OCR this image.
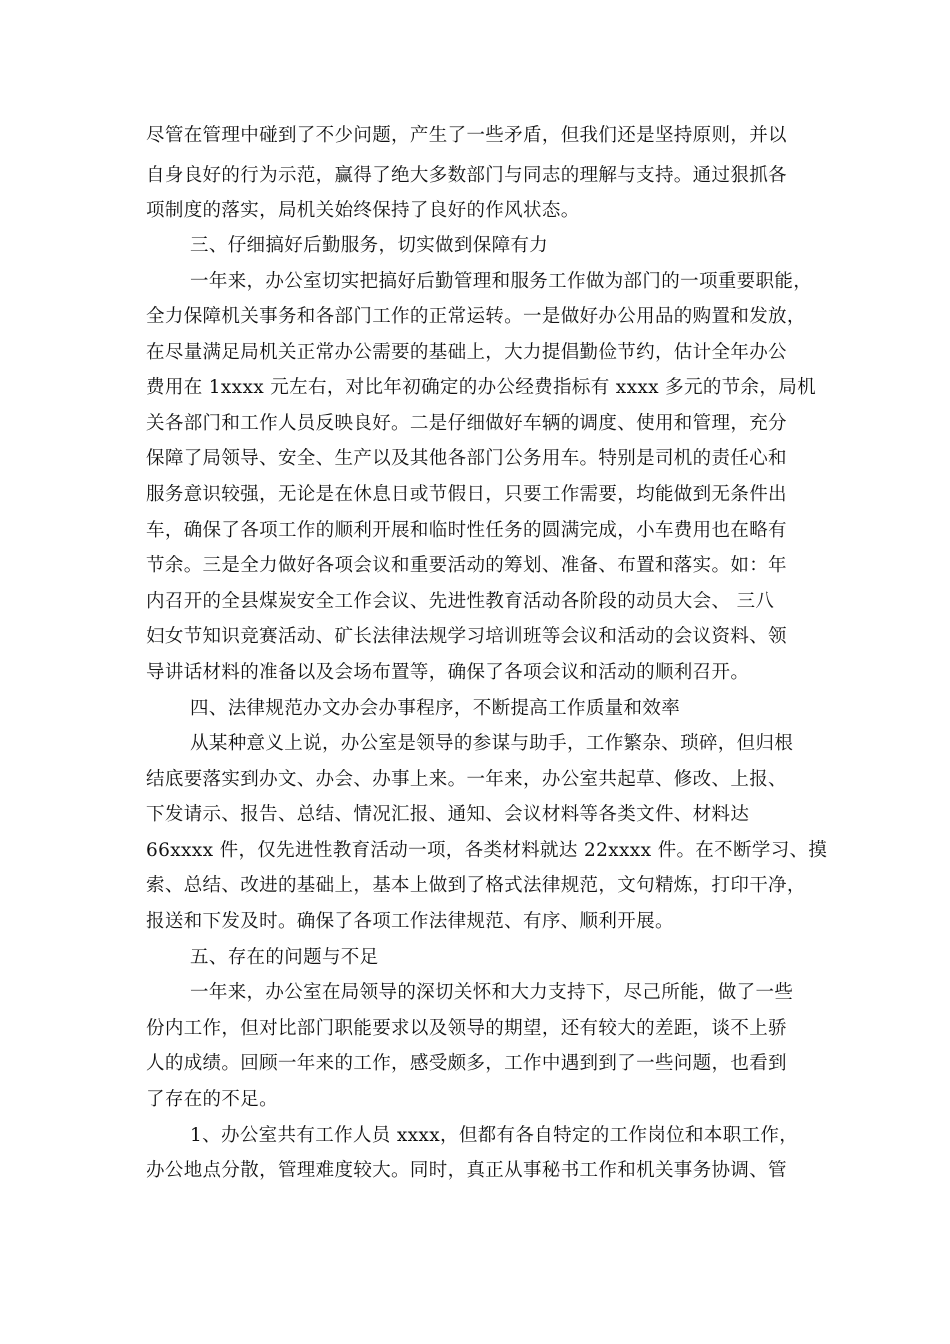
尽管在管理中碰到了不少问题，产生了一些矛盾，但我们还是坚持原则，并以
自身良好的行为示范，赢得了绝大多数部门与同志的理解与支持。通过狠抓各
项制度的落实，局机关始终保持了良好的作风状态。
三、仔细搞好后勤服务，切实做到保障有力
一年来，办公室切实把搞好后勤管理和服务工作做为部门的一项重要职能，
全力保障机关事务和各部门工作的正常运转。一是做好办公用品的购置和发放，
在尽量满足局机关正常办公需要的基础上，大力提倡勤俭节约，估计全年办公
费用在 1xxxx 元左右，对比年初确定的办公经费指标有 xxxx 多元的节余，局机
关各部门和工作人员反映良好。二是仔细做好车辆的调度、使用和管理，充分
保障了局领导、安全、生产以及其他各部门公务用车。特别是司机的责任心和
服务意识较强，无论是在休息日或节假日，只要工作需要，均能做到无条件出
车，确保了各项工作的顺利开展和临时性任务的圆满完成，小车费用也在略有
节余。三是全力做好各项会议和重要活动的筹划、准备、布置和落实。如：年
内召开的全县煤炭安全工作会议、先进性教育活动各阶段的动员大会、 三八
妇女节知识竞赛活动、矿长法律法规学习培训班等会议和活动的会议资料、领
导讲话材料的准备以及会场布置等，确保了各项会议和活动的顺利召开。
四、法律规范办文办会办事程序，不断提高工作质量和效率
从某种意义上说，办公室是领导的参谋与助手，工作繁杂、琐碎，但归根
结底要落实到办文、办会、办事上来。一年来，办公室共起草、修改、上报、
下发请示、报告、总结、情况汇报、通知、会议材料等各类文件、材料达
66xxxx 件，仅先进性教育活动一项，各类材料就达 22xxxx 件。在不断学习、摸
索、总结、改进的基础上，基本上做到了格式法律规范，文句精炼，打印干净，
报送和下发及时。确保了各项工作法律规范、有序、顺利开展。
五、存在的问题与不足
一年来，办公室在局领导的深切关怀和大力支持下，尽己所能，做了一些
份内工作，但对比部门职能要求以及领导的期望，还有较大的差距，谈不上骄
人的成绩。回顾一年来的工作，感受颇多，工作中遇到到了一些问题，也看到
了存在的不足。
1、办公室共有工作人员 xxxx，但都有各自特定的工作岗位和本职工作，
办公地点分散，管理难度较大。同时，真正从事秘书工作和机关事务协调、管
